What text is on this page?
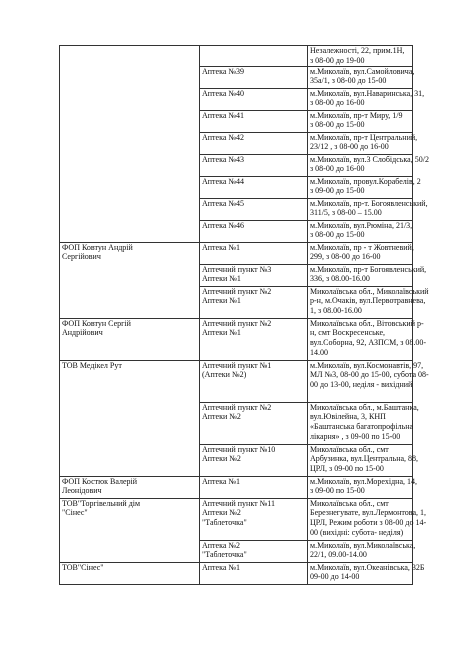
		Незалежності, 22, прим.1Н,
з 08-00 до 19-00

	Аптека №39	м.Миколаїв, вул.Самойловича,
35а/1, з 08-00 до 15-00

	Аптека №40	м.Миколаїв, вул.Наваринська, 31,
з 08-00 до 16-00

	Аптека №41	м.Миколаїв, пр-т Миру, 1/9
з 08-00 до 15-00

	Аптека №42	м.Миколаїв, пр-т Центральний,
23/12 , з 08-00 до 16-00

	Аптека №43	м.Миколаїв, вул.3 Слобідська, 50/2
з 08-00 до 16-00

	Аптека №44	м.Миколаїв, провул.Корабелів, 2
з 09-00 до 15-00

	Аптека №45	м.Миколаїв, пр-т. Богоявленський,
311/5, з 08-00 – 15.00

	Аптека №46	м.Миколаїв, вул.Рюміна, 21/3,
з 08-00 до 15-00

ФОП Ковтун Андрій
Сергійович	Аптека №1	м.Миколаїв, пр - т Жовтневий,
299, з 08-00 до 16-00

	Аптечний пункт №3
Аптеки №1	м.Миколаїв, пр-т Богоявленський,
336, з 08.00-16.00

	Аптечний пункт №2
Аптеки №1	Миколаївська обл., Миколаївський
р-н, м.Очаків, вул.Первотравнева,
1, з 08.00-16.00

ФОП Ковтун Сергій
Андрійович	Аптечний пункт №2
Аптеки №1	Миколаївська обл., Вітовський р-
н, смт Воскресенське,
вул.Соборна, 92, АЗПСМ, з 08.00-
14.00

ТОВ Медікел Рут	Аптечний пункт №1
(Аптеки №2)	м.Миколаїв, вул.Космонавтів, 97,
МЛ №3, 08-00 до 15-00, субота 08-
00 до 13-00, неділя - вихідний

	Аптечний пункт №2
Аптеки №2	Миколаївська обл., м.Баштанка,
вул.Ювілейна, 3, КНП
«Баштанська багатопрофільна
лікарня» , з 09-00 по 15-00

	Аптечний пункт №10
Аптеки №2	Миколаївська обл., смт
Арбузинка, вул.Центральна, 88,
ЦРЛ, з 09-00 по 15-00

ФОП Костюк Валерій
Леонідович	Аптека №1	м.Миколаїв, вул.Морехідна, 14,
з 09-00 по 15-00

ТОВ"Торгівельний дім
"Сінес"	Аптечний пункт №11
Аптеки №2
"Таблеточка"	Миколаївська обл., смт
Березнегувате, вул.Лермонтова, 1,
ЦРЛ, Режим роботи з 08-00 до 14-
00 (вихідні: субота- неділя)

	Аптека №2
"Таблеточка"	м.Миколаїв, вул.Миколаївська,
22/1, 09.00-14.00

ТОВ"Сінес"	Аптека №1	м.Миколаїв, вул.Океанівська, 32Б
09-00 до 14-00
